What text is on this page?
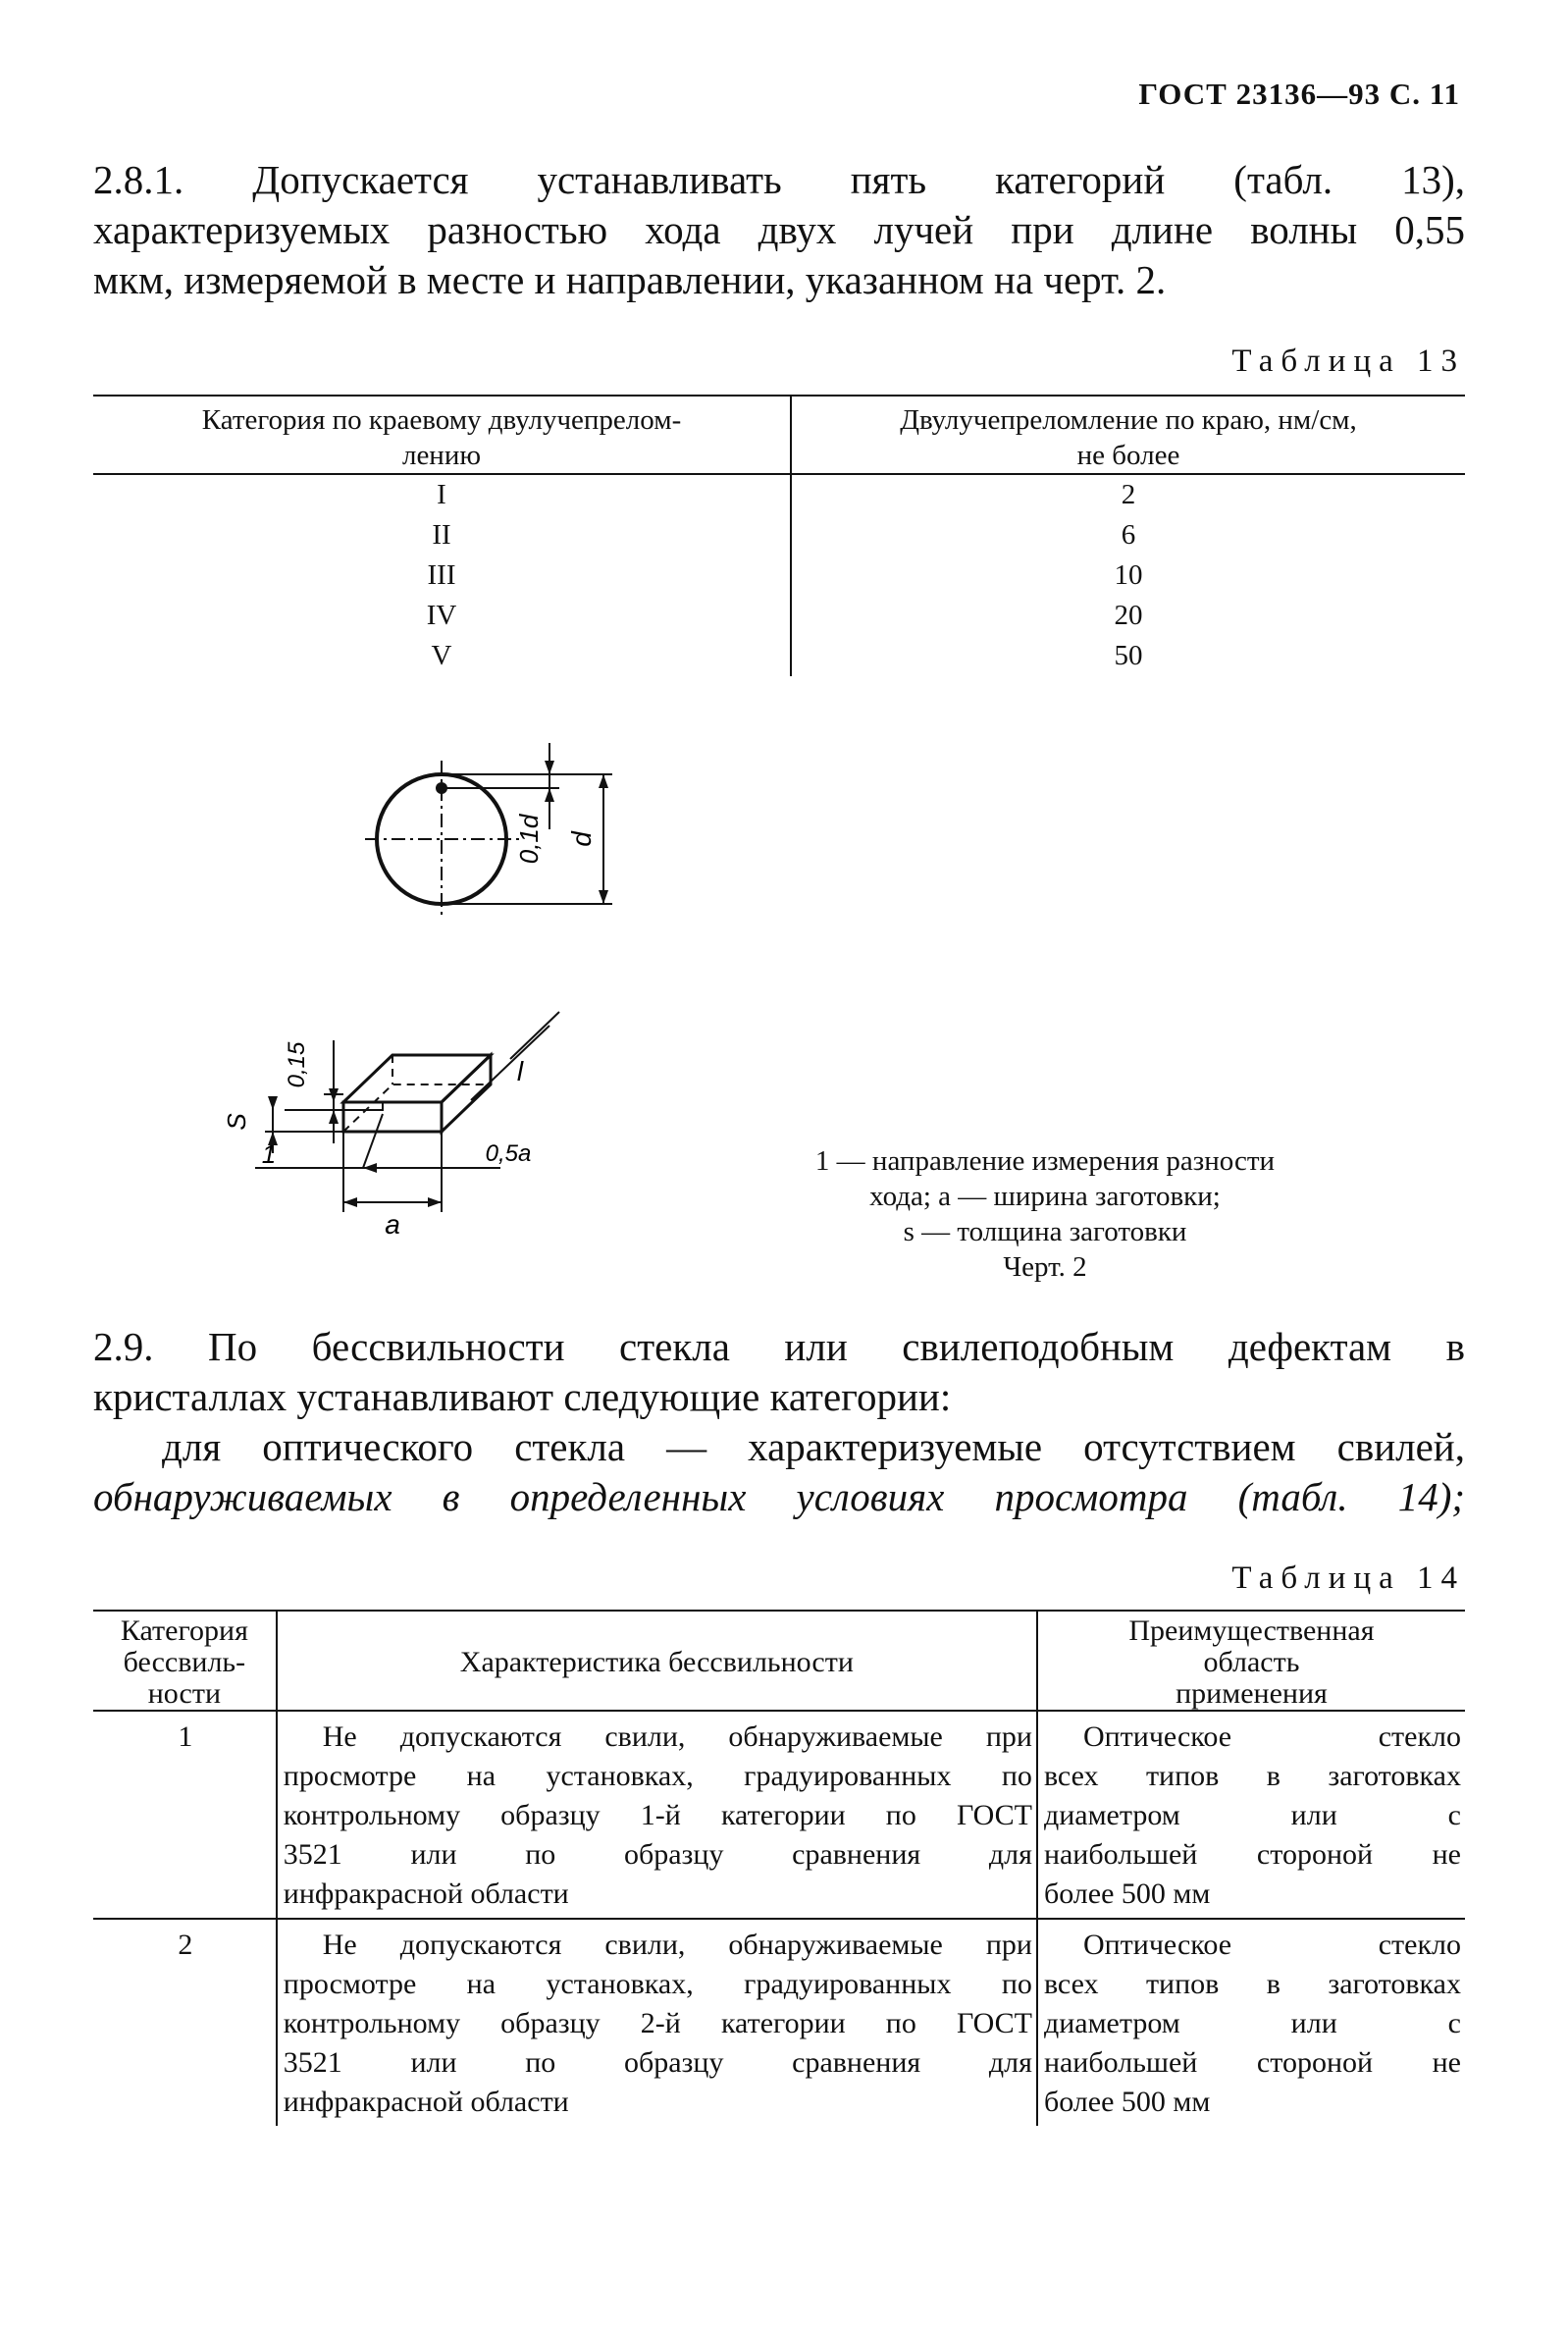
ГОСТ 23136—93 С. 11
2.8.1. Допускается устанавливать пять категорий (табл. 13),
характеризуемых разностью хода двух лучей при длине волны 0,55
мкм, измеряемой в месте и направлении, указанном на черт. 2.
Таблица 13
Категория по краевому двулучепрелом-
лению	Двулучепреломление по краю, нм/см,
не более
I	2
II	6
III	10
IV	20
V	50
0,1d d
0,15
S
l
1
a
0,5a	1 — направление измерения разности
хода; a — ширина заготовки;
s — толщина заготовки
Черт. 2
2.9. По бессвильности стекла или свилеподобным дефектам в
кристаллах устанавливают следующие категории:
для оптического стекла — характеризуемые отсутствием свилей,
обнаруживаемых в определенных условиях просмотра (табл. 14);
Таблица 14
Категория
бессвиль-
ности	Характеристика бессвильности	Преимущественная
область
применения
1	Не допускаются свили, обнаруживаемые при
просмотре на установках, градуированных по
контрольному образцу 1-й категории по ГОСТ
3521 или по образцу сравнения для
инфракрасной области	Оптическое стекло
всех типов в заготовках
диаметром или с
наибольшей стороной не
более 500 мм

2	Не допускаются свили, обнаруживаемые при
просмотре на установках, градуированных по
контрольному образцу 2-й категории по ГОСТ
3521 или по образцу сравнения для
инфракрасной области	Оптическое стекло
всех типов в заготовках
диаметром или с
наибольшей стороной не
более 500 мм
